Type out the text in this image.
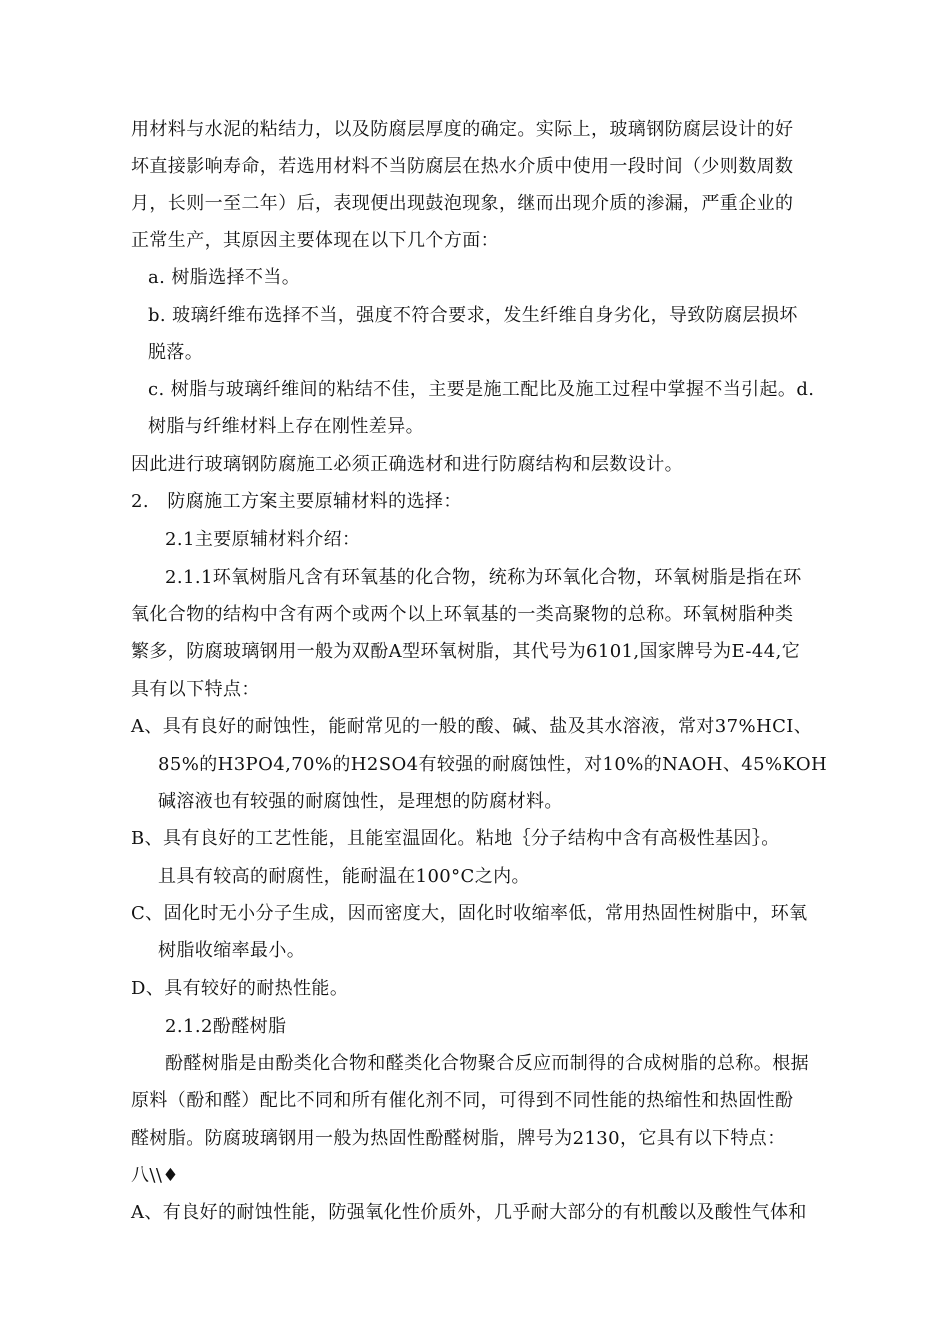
用材料与水泥的粘结力，以及防腐层厚度的确定。实际上，玻璃钢防腐层设计的好
坏直接影响寿命，若选用材料不当防腐层在热水介质中使用一段时间（少则数周数
月，长则一至二年）后，表现便出现鼓泡现象，继而出现介质的渗漏，严重企业的
正常生产，其原因主要体现在以下几个方面：
a. 树脂选择不当。
b. 玻璃纤维布选择不当，强度不符合要求，发生纤维自身劣化，导致防腐层损坏
脱落。
c. 树脂与玻璃纤维间的粘结不佳，主要是施工配比及施工过程中掌握不当引起。d.
树脂与纤维材料上存在刚性差异。
因此进行玻璃钢防腐施工必须正确选材和进行防腐结构和层数设计。
2.　防腐施工方案主要原辅材料的选择：
2.1主要原辅材料介绍：
2.1.1环氧树脂凡含有环氧基的化合物，统称为环氧化合物，环氧树脂是指在环
氧化合物的结构中含有两个或两个以上环氧基的一类高聚物的总称。环氧树脂种类
繁多，防腐玻璃钢用一般为双酚A型环氧树脂，其代号为6101,国家牌号为E-44,它
具有以下特点：
A、具有良好的耐蚀性，能耐常见的一般的酸、碱、盐及其水溶液，常对37%HCI、
85%的H3PO4,70%的H2SO4有较强的耐腐蚀性，对10%的NAOH、45%KOH
碱溶液也有较强的耐腐蚀性，是理想的防腐材料。
B、具有良好的工艺性能，且能室温固化。粘地｛分子结构中含有高极性基因｝。
且具有较高的耐腐性，能耐温在100°C之内。
C、固化时无小分子生成，因而密度大，固化时收缩率低，常用热固性树脂中，环氧
树脂收缩率最小。
D、具有较好的耐热性能。
2.1.2酚醛树脂
酚醛树脂是由酚类化合物和醛类化合物聚合反应而制得的合成树脂的总称。根据
原料（酚和醛）配比不同和所有催化剂不同，可得到不同性能的热缩性和热固性酚
醛树脂。防腐玻璃钢用一般为热固性酚醛树脂，牌号为2130，它具有以下特点：
八\\♦
A、有良好的耐蚀性能，防强氧化性价质外，几乎耐大部分的有机酸以及酸性气体和
